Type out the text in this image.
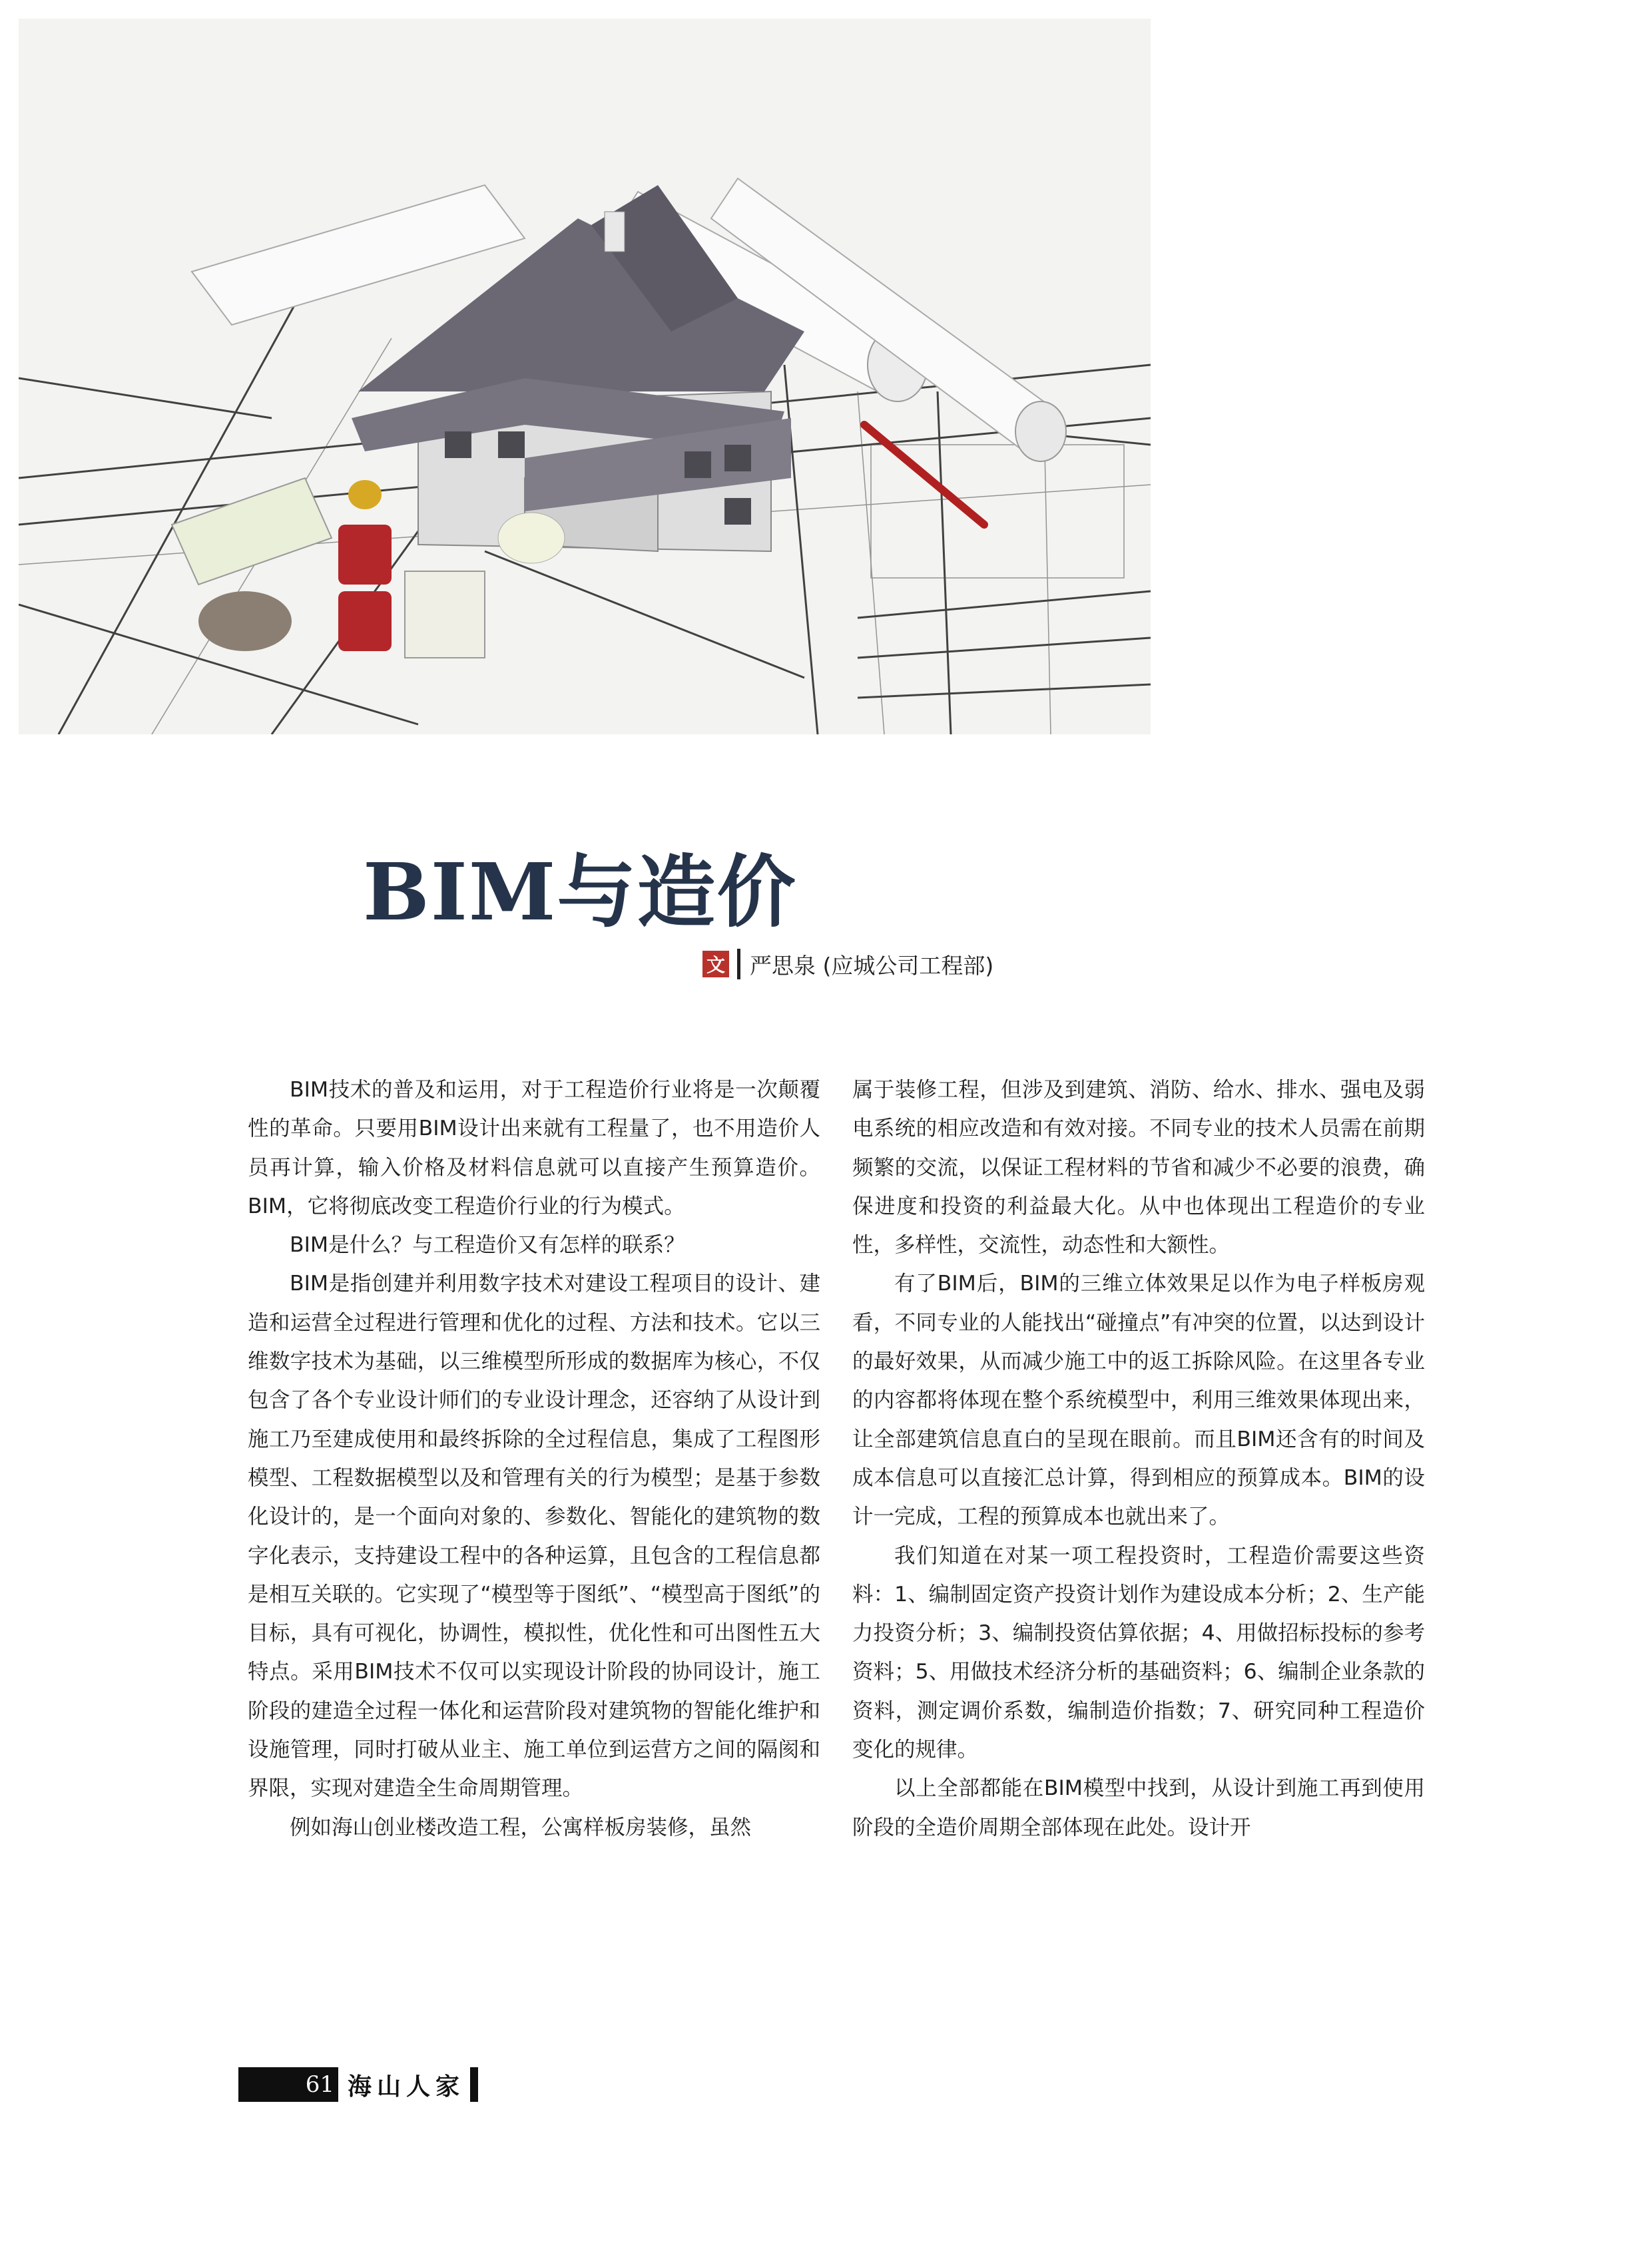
BIM与造价
文 严思泉 (应城公司工程部)

BIM技术的普及和运用，对于工程造价行业将是一次颠覆性的革命。只要用BIM设计出来就有工程量了，也不用造价人员再计算，输入价格及材料信息就可以直接产生预算造价。BIM，它将彻底改变工程造价行业的行为模式。

BIM是什么？与工程造价又有怎样的联系？

BIM是指创建并利用数字技术对建设工程项目的设计、建造和运营全过程进行管理和优化的过程、方法和技术。它以三维数字技术为基础，以三维模型所形成的数据库为核心，不仅包含了各个专业设计师们的专业设计理念，还容纳了从设计到施工乃至建成使用和最终拆除的全过程信息，集成了工程图形模型、工程数据模型以及和管理有关的行为模型；是基于参数化设计的，是一个面向对象的、参数化、智能化的建筑物的数字化表示，支持建设工程中的各种运算，且包含的工程信息都是相互关联的。它实现了“模型等于图纸”、“模型高于图纸”的目标，具有可视化，协调性，模拟性，优化性和可出图性五大特点。采用BIM技术不仅可以实现设计阶段的协同设计，施工阶段的建造全过程一体化和运营阶段对建筑物的智能化维护和设施管理，同时打破从业主、施工单位到运营方之间的隔阂和界限，实现对建造全生命周期管理。

例如海山创业楼改造工程，公寓样板房装修，虽然

属于装修工程，但涉及到建筑、消防、给水、排水、强电及弱电系统的相应改造和有效对接。不同专业的技术人员需在前期频繁的交流，以保证工程材料的节省和减少不必要的浪费，确保进度和投资的利益最大化。从中也体现出工程造价的专业性，多样性，交流性，动态性和大额性。

有了BIM后，BIM的三维立体效果足以作为电子样板房观看，不同专业的人能找出“碰撞点”有冲突的位置，以达到设计的最好效果，从而减少施工中的返工拆除风险。在这里各专业的内容都将体现在整个系统模型中，利用三维效果体现出来，让全部建筑信息直白的呈现在眼前。而且BIM还含有的时间及成本信息可以直接汇总计算，得到相应的预算成本。BIM的设计一完成，工程的预算成本也就出来了。

我们知道在对某一项工程投资时，工程造价需要这些资料：1、编制固定资产投资计划作为建设成本分析；2、生产能力投资分析；3、编制投资估算依据；4、用做招标投标的参考资料；5、用做技术经济分析的基础资料；6、编制企业条款的资料，测定调价系数，编制造价指数；7、研究同种工程造价变化的规律。

以上全部都能在BIM模型中找到，从设计到施工再到使用阶段的全造价周期全部体现在此处。设计开

61 海山人家
